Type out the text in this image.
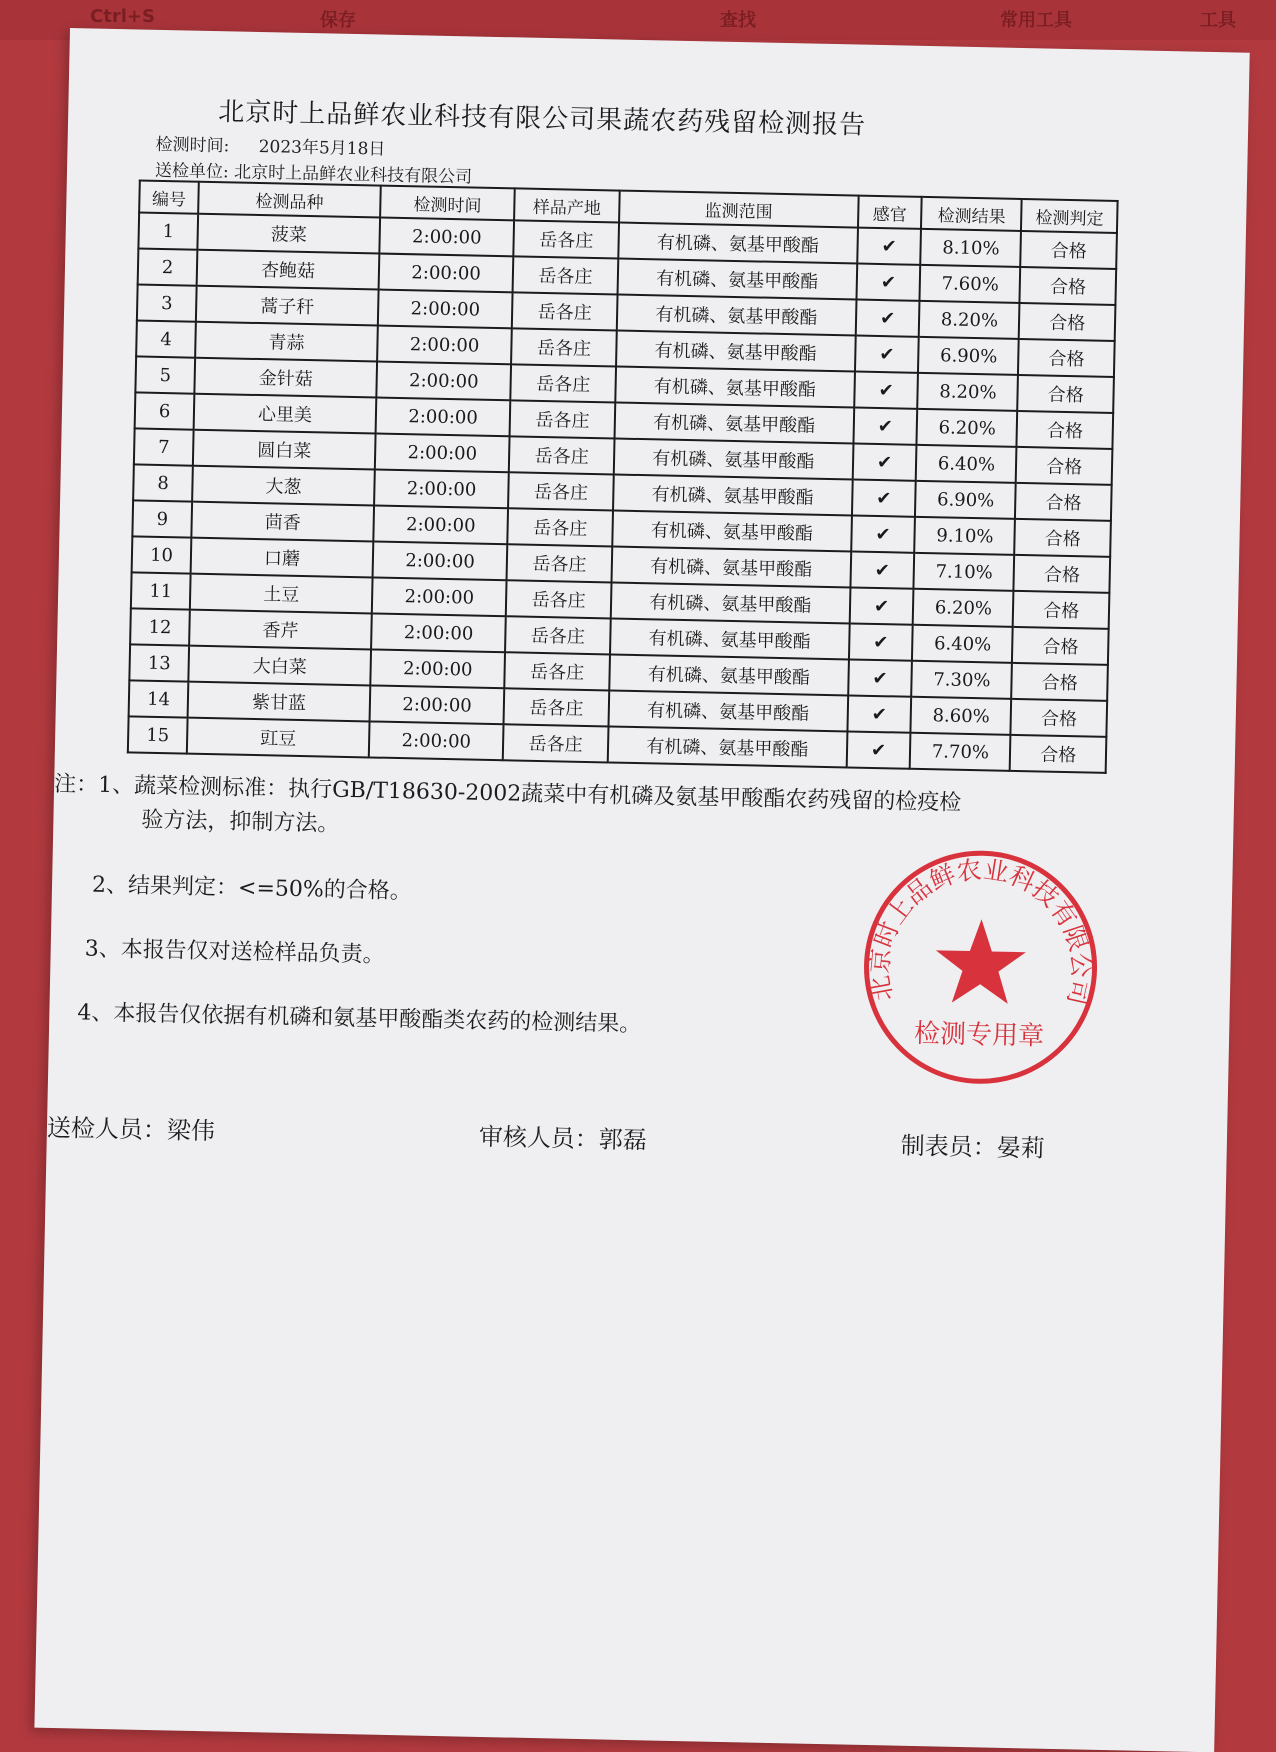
Ctrl+S	保存	查找	常用工具	工具
北京时上品鲜农业科技有限公司果蔬农药残留检测报告
检测时间: 2023年5月18日
送检单位: 北京时上品鲜农业科技有限公司
编号	检测品种	检测时间	样品产地	监测范围	感官	检测结果	检测判定
1	菠菜	2:00:00	岳各庄	有机磷、氨基甲酸酯	✔	8.10%	合格
2	杏鲍菇	2:00:00	岳各庄	有机磷、氨基甲酸酯	✔	7.60%	合格
3	蒿子秆	2:00:00	岳各庄	有机磷、氨基甲酸酯	✔	8.20%	合格
4	青蒜	2:00:00	岳各庄	有机磷、氨基甲酸酯	✔	6.90%	合格
5	金针菇	2:00:00	岳各庄	有机磷、氨基甲酸酯	✔	8.20%	合格
6	心里美	2:00:00	岳各庄	有机磷、氨基甲酸酯	✔	6.20%	合格
7	圆白菜	2:00:00	岳各庄	有机磷、氨基甲酸酯	✔	6.40%	合格
8	大葱	2:00:00	岳各庄	有机磷、氨基甲酸酯	✔	6.90%	合格
9	茴香	2:00:00	岳各庄	有机磷、氨基甲酸酯	✔	9.10%	合格
10	口蘑	2:00:00	岳各庄	有机磷、氨基甲酸酯	✔	7.10%	合格
11	土豆	2:00:00	岳各庄	有机磷、氨基甲酸酯	✔	6.20%	合格
12	香芹	2:00:00	岳各庄	有机磷、氨基甲酸酯	✔	6.40%	合格
13	大白菜	2:00:00	岳各庄	有机磷、氨基甲酸酯	✔	7.30%	合格
14	紫甘蓝	2:00:00	岳各庄	有机磷、氨基甲酸酯	✔	8.60%	合格
15	豇豆	2:00:00	岳各庄	有机磷、氨基甲酸酯	✔	7.70%	合格
注：1、蔬菜检测标准：执行GB/T18630-2002蔬菜中有机磷及氨基甲酸酯农药残留的检疫检
验方法，抑制方法。
2、结果判定：<=50%的合格。
3、本报告仅对送检样品负责。
4、本报告仅依据有机磷和氨基甲酸酯类农药的检测结果。
北京时上品鲜农业科技有限公司
检测专用章
送检人员：梁伟	审核人员：郭磊	制表员：晏莉
